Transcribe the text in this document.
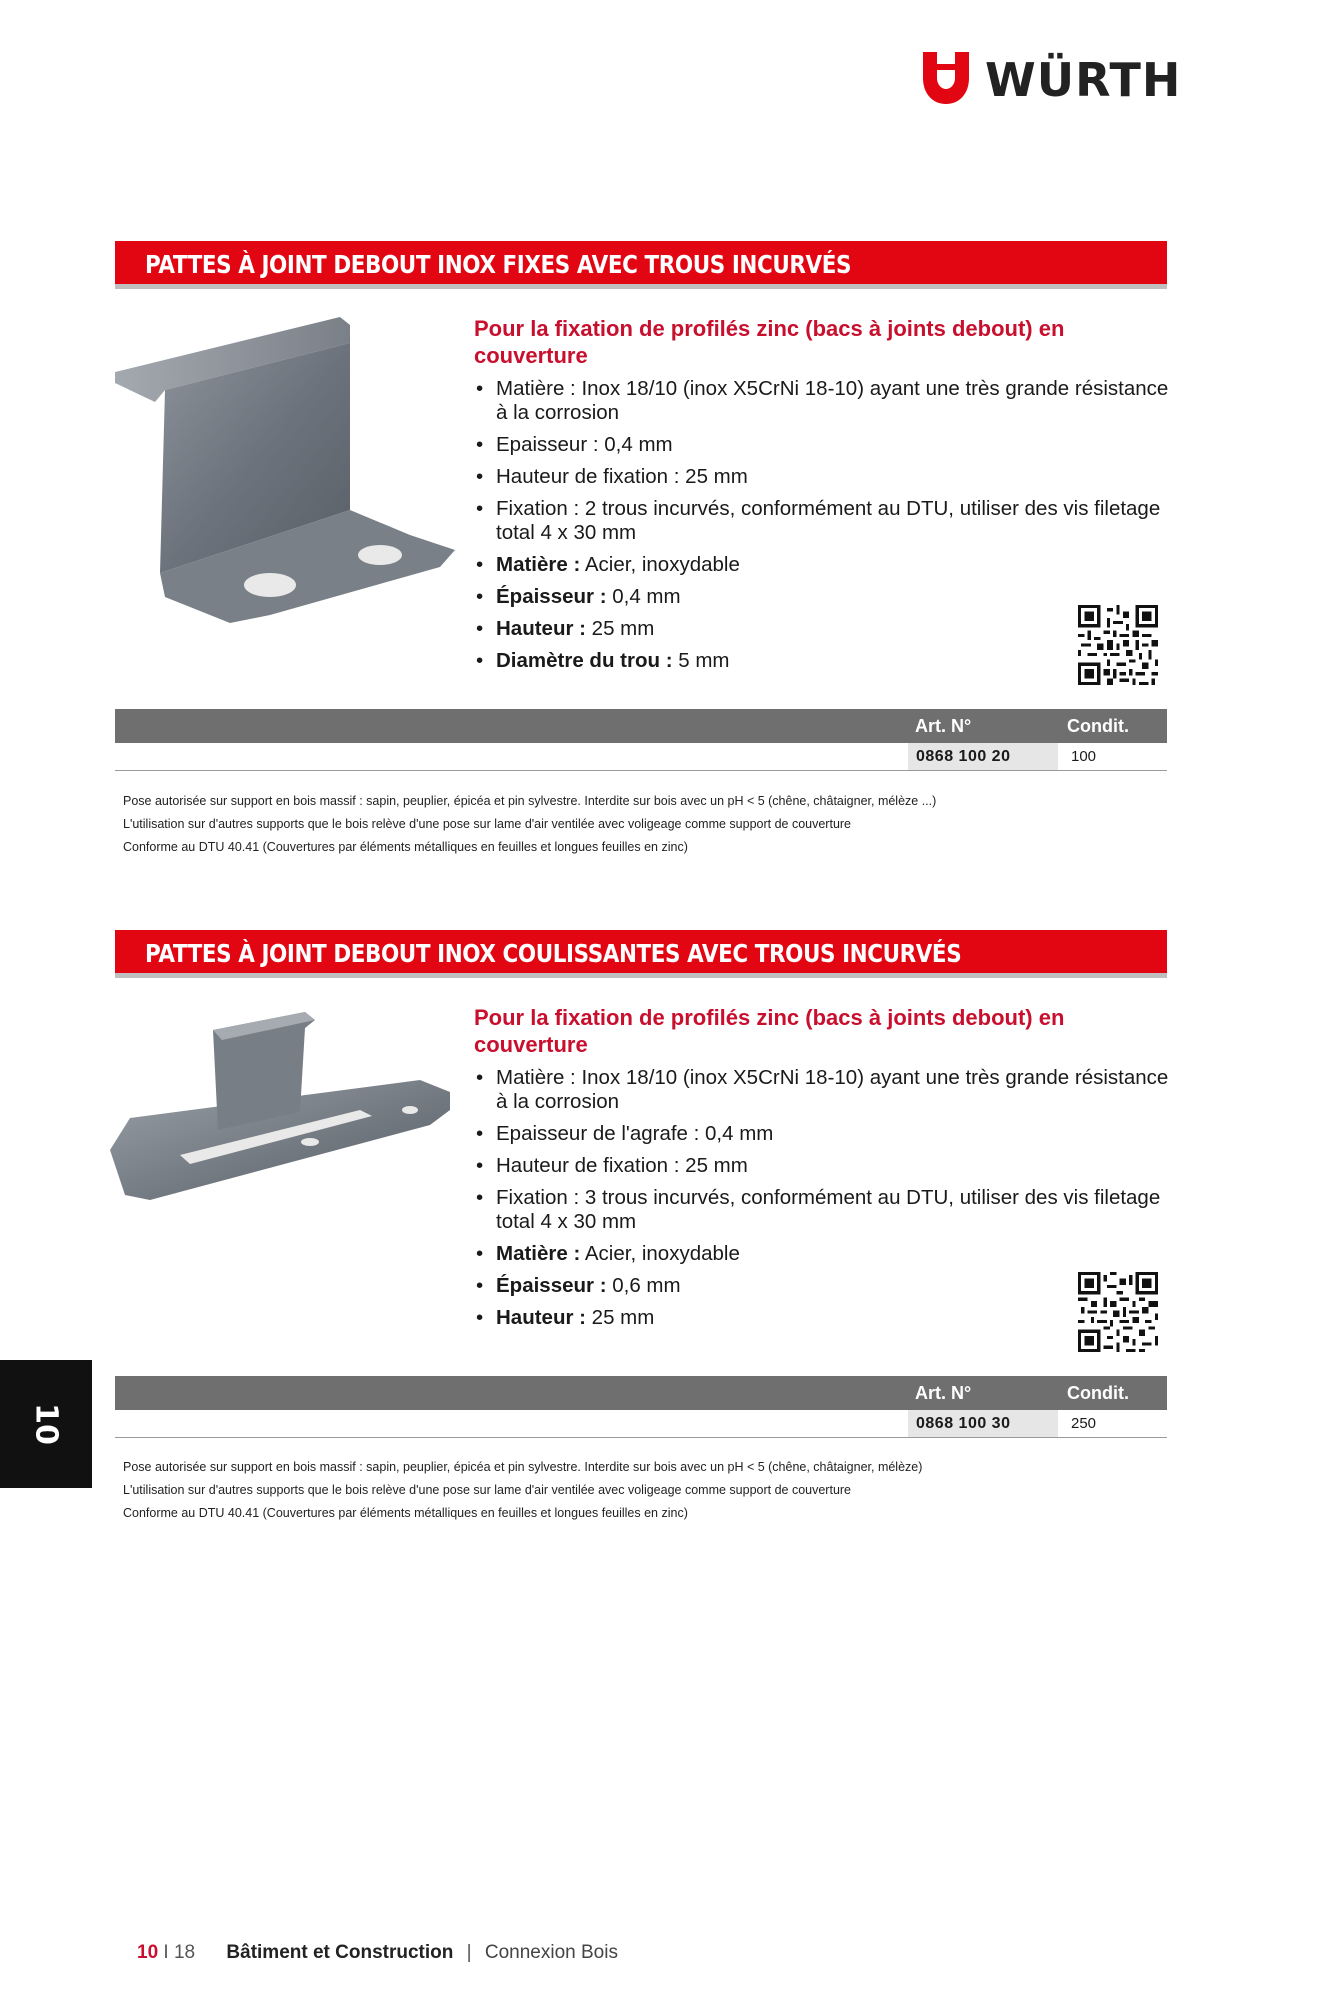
WÜRTH
PATTES À JOINT DEBOUT INOX FIXES AVEC TROUS INCURVÉS

Pour la fixation de profilés zinc (bacs à joints debout) en couverture

• Matière : Inox 18/10 (inox X5CrNi 18-10) ayant une très grande résistance à la corrosion
• Epaisseur : 0,4 mm
• Hauteur de fixation : 25 mm
• Fixation : 2 trous incurvés, conformément au DTU, utiliser des vis filetage total 4 x 30 mm
• Matière : Acier, inoxydable
• Épaisseur : 0,4 mm
• Hauteur : 25 mm
• Diamètre du trou : 5 mm
Art. N°	Condit.
0868 100 20	100
Pose autorisée sur support en bois massif : sapin, peuplier, épicéa et pin sylvestre. Interdite sur bois avec un pH < 5 (chêne, châtaigner, mélèze ...)
L'utilisation sur d'autres supports que le bois relève d'une pose sur lame d'air ventilée avec voligeage comme support de couverture
Conforme au DTU 40.41 (Couvertures par éléments métalliques en feuilles et longues feuilles en zinc)
PATTES À JOINT DEBOUT INOX COULISSANTES AVEC TROUS INCURVÉS

Pour la fixation de profilés zinc (bacs à joints debout) en couverture

• Matière : Inox 18/10 (inox X5CrNi 18-10) ayant une très grande résistance à la corrosion
• Epaisseur de l'agrafe : 0,4 mm
• Hauteur de fixation : 25 mm
• Fixation : 3 trous incurvés, conformément au DTU, utiliser des vis filetage total 4 x 30 mm
• Matière : Acier, inoxydable
• Épaisseur : 0,6 mm
• Hauteur : 25 mm
Art. N°	Condit.
0868 100 30	250
Pose autorisée sur support en bois massif : sapin, peuplier, épicéa et pin sylvestre. Interdite sur bois avec un pH < 5 (chêne, châtaigner, mélèze)
L'utilisation sur d'autres supports que le bois relève d'une pose sur lame d'air ventilée avec voligeage comme support de couverture
Conforme au DTU 40.41 (Couvertures par éléments métalliques en feuilles et longues feuilles en zinc)
10
10 I 18 Bâtiment et Construction | Connexion Bois
